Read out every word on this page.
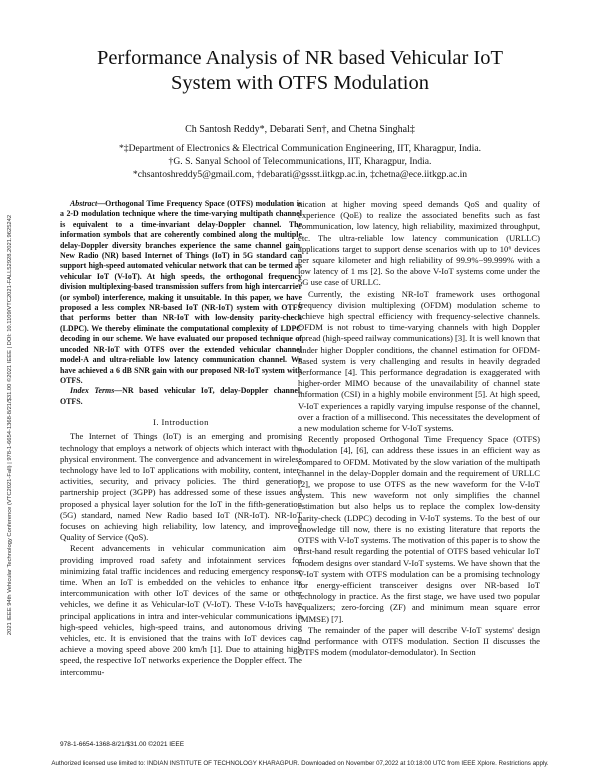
2021 IEEE 94th Vehicular Technology Conference (VTC2021-Fall) | 978-1-6654-1368-8/21/$31.00 ©2021 IEEE | DOI: 10.1109/VTC2021-FALL52928.2021.9625242
Performance Analysis of NR based Vehicular IoT
System with OTFS Modulation
Ch Santosh Reddy*, Debarati Sen†, and Chetna Singhal‡
*‡Department of Electronics & Electrical Communication Engineering, IIT, Kharagpur, India.
†G. S. Sanyal School of Telecommunications, IIT, Kharagpur, India.
*chsantoshreddy5@gmail.com, †debarati@gssst.iitkgp.ac.in, ‡chetna@ece.iitkgp.ac.in

Abstract—Orthogonal Time Frequency Space (OTFS) modulation is a 2-D modulation technique where the time-varying multipath channel is equivalent to a time-invariant delay-Doppler channel. The information symbols that are coherently combined along the multiple delay-Doppler diversity branches experience the same channel gain. New Radio (NR) based Internet of Things (IoT) in 5G standard can support high-speed automated vehicular network that can be termed as vehicular IoT (V-IoT). At high speeds, the orthogonal frequency division multiplexing-based transmission suffers from high intercarrier (or symbol) interference, making it unsuitable. In this paper, we have proposed a less complex NR-based IoT (NR-IoT) system with OTFS that performs better than NR-IoT with low-density parity-check (LDPC). We thereby eliminate the computational complexity of LDPC decoding in our scheme. We have evaluated our proposed technique of uncoded NR-IoT with OTFS over the extended vehicular channel model-A and ultra-reliable low latency communication channel. We have achieved a 6 dB SNR gain with our proposed NR-IoT system with OTFS.

Index Terms—NR based vehicular IoT, delay-Doppler channel, OTFS.

I. Introduction

The Internet of Things (IoT) is an emerging and promising technology that employs a network of objects which interact with the physical environment. The convergence and advancement in wireless technology have led to IoT applications with mobility, content, inter-activities, security, and privacy policies. The third generation partnership project (3GPP) has addressed some of these issues and proposed a physical layer solution for the IoT in the fifth-generation (5G) standard, named New Radio based IoT (NR-IoT). NR-IoT focuses on achieving high reliability, low latency, and improved Quality of Service (QoS).

Recent advancements in vehicular communication aim on providing improved road safety and infotainment services for minimizing fatal traffic incidences and reducing emergency response time. When an IoT is embedded on the vehicles to enhance its intercommunication with other IoT devices of the same or other vehicles, we define it as Vehicular-IoT (V-IoT). These V-IoTs have principal applications in intra and inter-vehicular communications in high-speed vehicles, high-speed trains, and autonomous driving vehicles, etc. It is envisioned that the trains with IoT devices can achieve a moving speed above 200 km/h [1]. Due to attaining high speed, the respective IoT networks experience the Doppler effect. The intercommu-

nication at higher moving speed demands QoS and quality of experience (QoE) to realize the associated benefits such as fast communication, low latency, high reliability, maximized throughput, etc. The ultra-reliable low latency communication (URLLC) applications target to support dense scenarios with up to 10⁶ devices per square kilometer and high reliability of 99.9%−99.999% with a low latency of 1 ms [2]. So the above V-IoT systems come under the 5G use case of URLLC.

Currently, the existing NR-IoT framework uses orthogonal frequency division multiplexing (OFDM) modulation scheme to achieve high spectral efficiency with frequency-selective channels. OFDM is not robust to time-varying channels with high Doppler spread (high-speed railway communications) [3]. It is well known that under higher Doppler conditions, the channel estimation for OFDM-based system is very challenging and results in heavily degraded performance [4]. This performance degradation is exaggerated with higher-order MIMO because of the unavailability of channel state information (CSI) in a highly mobile environment [5]. At high speed, V-IoT experiences a rapidly varying impulse response of the channel, over a fraction of a millisecond. This necessitates the development of a new modulation scheme for V-IoT systems.

Recently proposed Orthogonal Time Frequency Space (OTFS) modulation [4], [6], can address these issues in an efficient way as compared to OFDM. Motivated by the slow variation of the multipath channel in the delay-Doppler domain and the requirement of URLLC [2], we propose to use OTFS as the new waveform for the V-IoT system. This new waveform not only simplifies the channel estimation but also helps us to replace the complex low-density parity-check (LDPC) decoding in V-IoT systems. To the best of our knowledge till now, there is no existing literature that reports the OTFS with V-IoT systems. The motivation of this paper is to show the first-hand result regarding the potential of OTFS based vehicular IoT modem designs over standard V-IoT systems. We have shown that the V-IoT system with OTFS modulation can be a promising technology for energy-efficient transceiver designs over NR-based IoT technology in practice. As the first stage, we have used two popular equalizers; zero-forcing (ZF) and minimum mean square error (MMSE) [7].

The remainder of the paper will describe V-IoT systems' design and performance with OTFS modulation. Section II discusses the OTFS modem (modulator-demodulator). In Section

978-1-6654-1368-8/21/$31.00 ©2021 IEEE
Authorized licensed use limited to: INDIAN INSTITUTE OF TECHNOLOGY KHARAGPUR. Downloaded on November 07,2022 at 10:18:00 UTC from IEEE Xplore. Restrictions apply.
